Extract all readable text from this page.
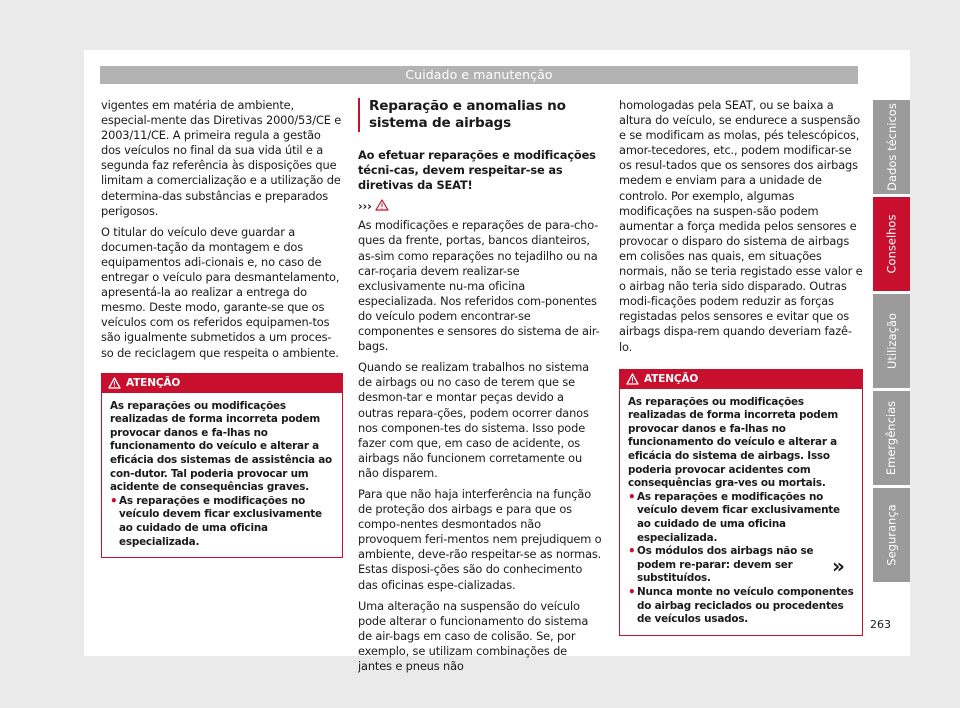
Cuidado e manutenção

vigentes em matéria de ambiente, especial-mente das Diretivas 2000/53/CE e 2003/11/CE. A primeira regula a gestão dos veículos no final da sua vida útil e a segunda faz referência às disposições que limitam a comercialização e a utilização de determina-das substâncias e preparados perigosos.

O titular do veículo deve guardar a documen-tação da montagem e dos equipamentos adi-cionais e, no caso de entregar o veículo para desmantelamento, apresentá-la ao realizar a entrega do mesmo. Deste modo, garante-se que os veículos com os referidos equipamen-tos são igualmente submetidos a um proces-so de reciclagem que respeita o ambiente.

ATENÇÃO
As reparações ou modificações realizadas de forma incorreta podem provocar danos e fa-lhas no funcionamento do veículo e alterar a eficácia dos sistemas de assistência ao con-dutor. Tal poderia provocar um acidente de consequências graves.
• As reparações e modificações no veículo devem ficar exclusivamente ao cuidado de uma oficina especializada.
Reparação e anomalias no sistema de airbags
Ao efetuar reparações e modificações técni-cas, devem respeitar-se as diretivas da SEAT!
›››

As modificações e reparações de para-cho-ques da frente, portas, bancos dianteiros, as-sim como reparações no tejadilho ou na car-roçaria devem realizar-se exclusivamente nu-ma oficina especializada. Nos referidos com-ponentes do veículo podem encontrar-se componentes e sensores do sistema de air-bags.

Quando se realizam trabalhos no sistema de airbags ou no caso de terem que se desmon-tar e montar peças devido a outras repara-ções, podem ocorrer danos nos componen-tes do sistema. Isso pode fazer com que, em caso de acidente, os airbags não funcionem corretamente ou não disparem.

Para que não haja interferência na função de proteção dos airbags e para que os compo-nentes desmontados não provoquem feri-mentos nem prejudiquem o ambiente, deve-rão respeitar-se as normas. Estas disposi-ções são do conhecimento das oficinas espe-cializadas.

Uma alteração na suspensão do veículo pode alterar o funcionamento do sistema de air-bags em caso de colisão. Se, por exemplo, se utilizam combinações de jantes e pneus não

homologadas pela SEAT, ou se baixa a altura do veículo, se endurece a suspensão e se modificam as molas, pés telescópicos, amor-tecedores, etc., podem modificar-se os resul-tados que os sensores dos airbags medem e enviam para a unidade de controlo. Por exemplo, algumas modificações na suspen-são podem aumentar a força medida pelos sensores e provocar o disparo do sistema de airbags em colisões nas quais, em situações normais, não se teria registado esse valor e o airbag não teria sido disparado. Outras modi-ficações podem reduzir as forças registadas pelos sensores e evitar que os airbags dispa-rem quando deveriam fazê-lo.

ATENÇÃO
As reparações ou modificações realizadas de forma incorreta podem provocar danos e fa-lhas no funcionamento do veículo e alterar a eficácia do sistema de airbags. Isso poderia provocar acidentes com consequências gra-ves ou mortais.
• As reparações e modificações no veículo devem ficar exclusivamente ao cuidado de uma oficina especializada.
• Os módulos dos airbags não se podem re-parar: devem ser substituídos.
• Nunca monte no veículo componentes do airbag reciclados ou procedentes de veículos usados.
»
Dados técnicos
Conselhos
Utilização
Emergências
Segurança
263
